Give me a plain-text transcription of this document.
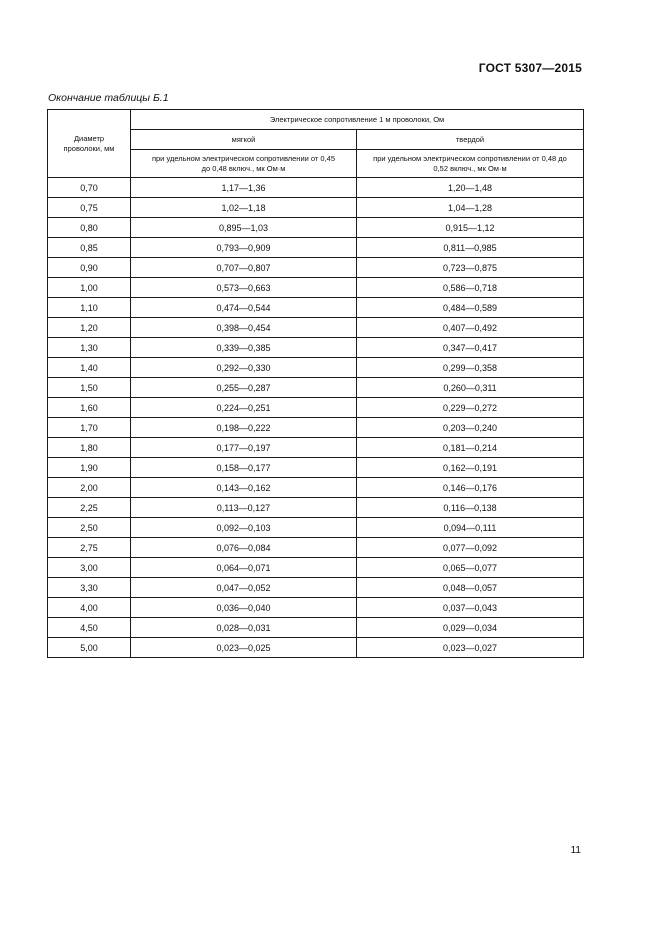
ГОСТ 5307—2015
Окончание таблицы Б.1
Диаметр проволоки, мм	Электрическое сопротивление 1 м проволоки, Ом	
	мягкой	твердой
	при удельном электрическом сопротивлении от 0,45 до 0,48 включ., мк Ом·м	при удельном электрическом сопротивлении от 0,48 до 0,52 включ., мк Ом·м
0,70	1,17—1,36	1,20—1,48
0,75	1,02—1,18	1,04—1,28
0,80	0,895—1,03	0,915—1,12
0,85	0,793—0,909	0,811—0,985
0,90	0,707—0,807	0,723—0,875
1,00	0,573—0,663	0,586—0,718
1,10	0,474—0,544	0,484—0,589
1,20	0,398—0,454	0,407—0,492
1,30	0,339—0,385	0,347—0,417
1,40	0,292—0,330	0,299—0,358
1,50	0,255—0,287	0,260—0,311
1,60	0,224—0,251	0,229—0,272
1,70	0,198—0,222	0,203—0,240
1,80	0,177—0,197	0,181—0,214
1,90	0,158—0,177	0,162—0,191
2,00	0,143—0,162	0,146—0,176
2,25	0,113—0,127	0,116—0,138
2,50	0,092—0,103	0,094—0,111
2,75	0,076—0,084	0,077—0,092
3,00	0,064—0,071	0,065—0,077
3,30	0,047—0,052	0,048—0,057
4,00	0,036—0,040	0,037—0,043
4,50	0,028—0,031	0,029—0,034
5,00	0,023—0,025	0,023—0,027
11
